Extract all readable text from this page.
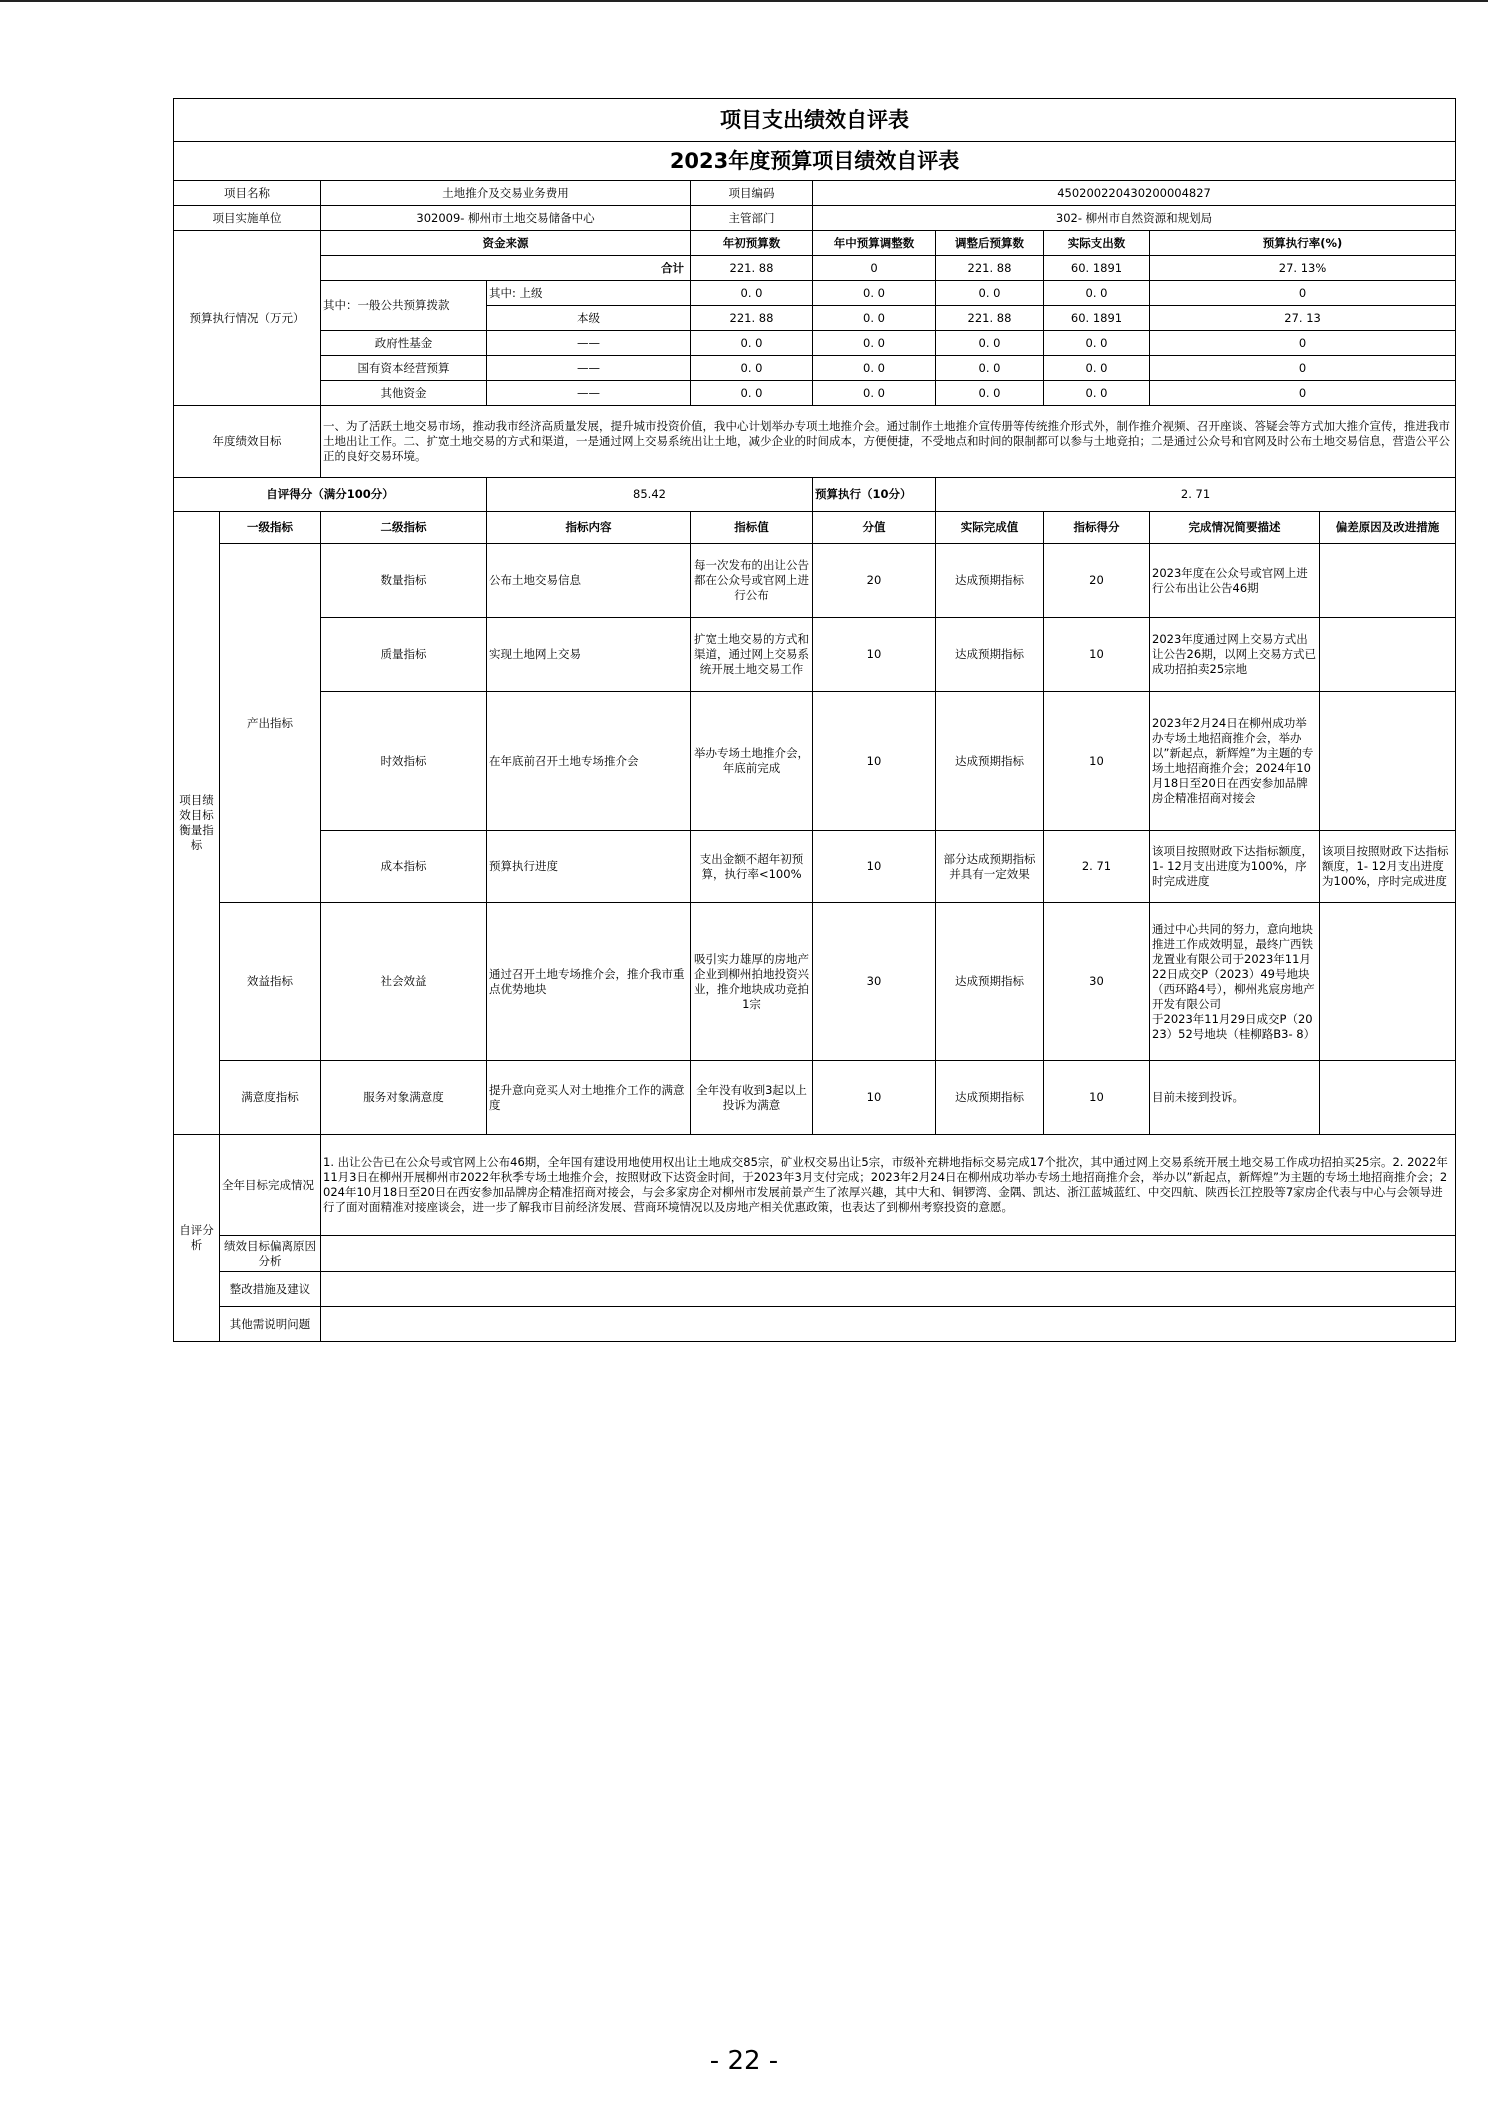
项目支出绩效自评表									
2023年度预算项目绩效自评表									
项目名称		土地推介及交易业务费用		项目编码	450200220430200004827				
项目实施单位		302009- 柳州市土地交易储备中心		主管部门	302- 柳州市自然资源和规划局				
预算执行情况（万元）		资金来源		年初预算数	年中预算调整数	调整后预算数	实际支出数	预算执行率(%)	
		合计		221. 88	0	221. 88	60. 1891	27. 13%	
		其中：一般公共预算拨款	其中: 上级	0. 0	0. 0	0. 0	0. 0	0	
			本级	221. 88	0. 0	221. 88	60. 1891	27. 13	
		政府性基金	——	0. 0	0. 0	0. 0	0. 0	0	
		国有资本经营预算	——	0. 0	0. 0	0. 0	0. 0	0	
		其他资金	——	0. 0	0. 0	0. 0	0. 0	0	
年度绩效目标		一、为了活跃土地交易市场，推动我市经济高质量发展，提升城市投资价值，我中心计划举办专项土地推介会。通过制作土地推介宣传册等传统推介形式外，制作推介视频、召开座谈、答疑会等方式加大推介宣传，推进我市土地出让工作。二、扩宽土地交易的方式和渠道，一是通过网上交易系统出让土地，减少企业的时间成本，方便便捷，不受地点和时间的限制都可以参与土地竞拍；二是通过公众号和官网及时公布土地交易信息，营造公平公正的良好交易环境。							
自评得分（满分100分）			85.42		预算执行（10分）	2. 71			
项目绩效目标衡量指标	一级指标	二级指标	指标内容	指标值	分值	实际完成值	指标得分	完成情况简要描述	偏差原因及改进措施
	产出指标	数量指标	公布土地交易信息	每一次发布的出让公告都在公众号或官网上进行公布	20	达成预期指标	20	2023年度在公众号或官网上进行公布出让公告46期	
		质量指标	实现土地网上交易	扩宽土地交易的方式和渠道，通过网上交易系统开展土地交易工作	10	达成预期指标	10	2023年度通过网上交易方式出让公告26期，以网上交易方式已成功招拍卖25宗地	
		时效指标	在年底前召开土地专场推介会	举办专场土地推介会，年底前完成	10	达成预期指标	10	2023年2月24日在柳州成功举办专场土地招商推介会，举办以”新起点，新辉煌”为主题的专场土地招商推介会；2024年10月18日至20日在西安参加品牌房企精准招商对接会	
		成本指标	预算执行进度	支出金额不超年初预算，执行率<100%	10	部分达成预期指标并具有一定效果	2. 71	该项目按照财政下达指标额度，1- 12月支出进度为100%，序时完成进度	该项目按照财政下达指标额度，1- 12月支出进度为100%，序时完成进度
	效益指标	社会效益	通过召开土地专场推介会，推介我市重点优势地块	吸引实力雄厚的房地产企业到柳州拍地投资兴业，推介地块成功竞拍1宗	30	达成预期指标	30	通过中心共同的努力，意向地块推进工作成效明显，最终广西铁龙置业有限公司于2023年11月22日成交P（2023）49号地块（西环路4号），柳州兆宸房地产开发有限公司
于2023年11月29日成交P（2023）52号地块（桂柳路B3- 8）	
	满意度指标	服务对象满意度	提升意向竞买人对土地推介工作的满意度	全年没有收到3起以上投诉为满意	10	达成预期指标	10	目前未接到投诉。	
自评分析	全年目标完成情况	1. 出让公告已在公众号或官网上公布46期，全年国有建设用地使用权出让土地成交85宗，矿业权交易出让5宗，市级补充耕地指标交易完成17个批次，其中通过网上交易系统开展土地交易工作成功招拍买25宗。2. 2022年11月3日在柳州开展柳州市2022年秋季专场土地推介会，按照财政下达资金时间，于2023年3月支付完成；2023年2月24日在柳州成功举办专场土地招商推介会，举办以”新起点，新辉煌”为主题的专场土地招商推介会；2024年10月18日至20日在西安参加品牌房企精准招商对接会，与会多家房企对柳州市发展前景产生了浓厚兴趣，其中大和、铜锣湾、金隅、凯达、浙江蓝城蓝红、中交四航、陕西长江控股等7家房企代表与中心与会领导进行了面对面精准对接座谈会，进一步了解我市目前经济发展、营商环境情况以及房地产相关优惠政策，也表达了到柳州考察投资的意愿。							
	绩效目标偏离原因分析								
	整改措施及建议								
	其他需说明问题								
- 22 -
